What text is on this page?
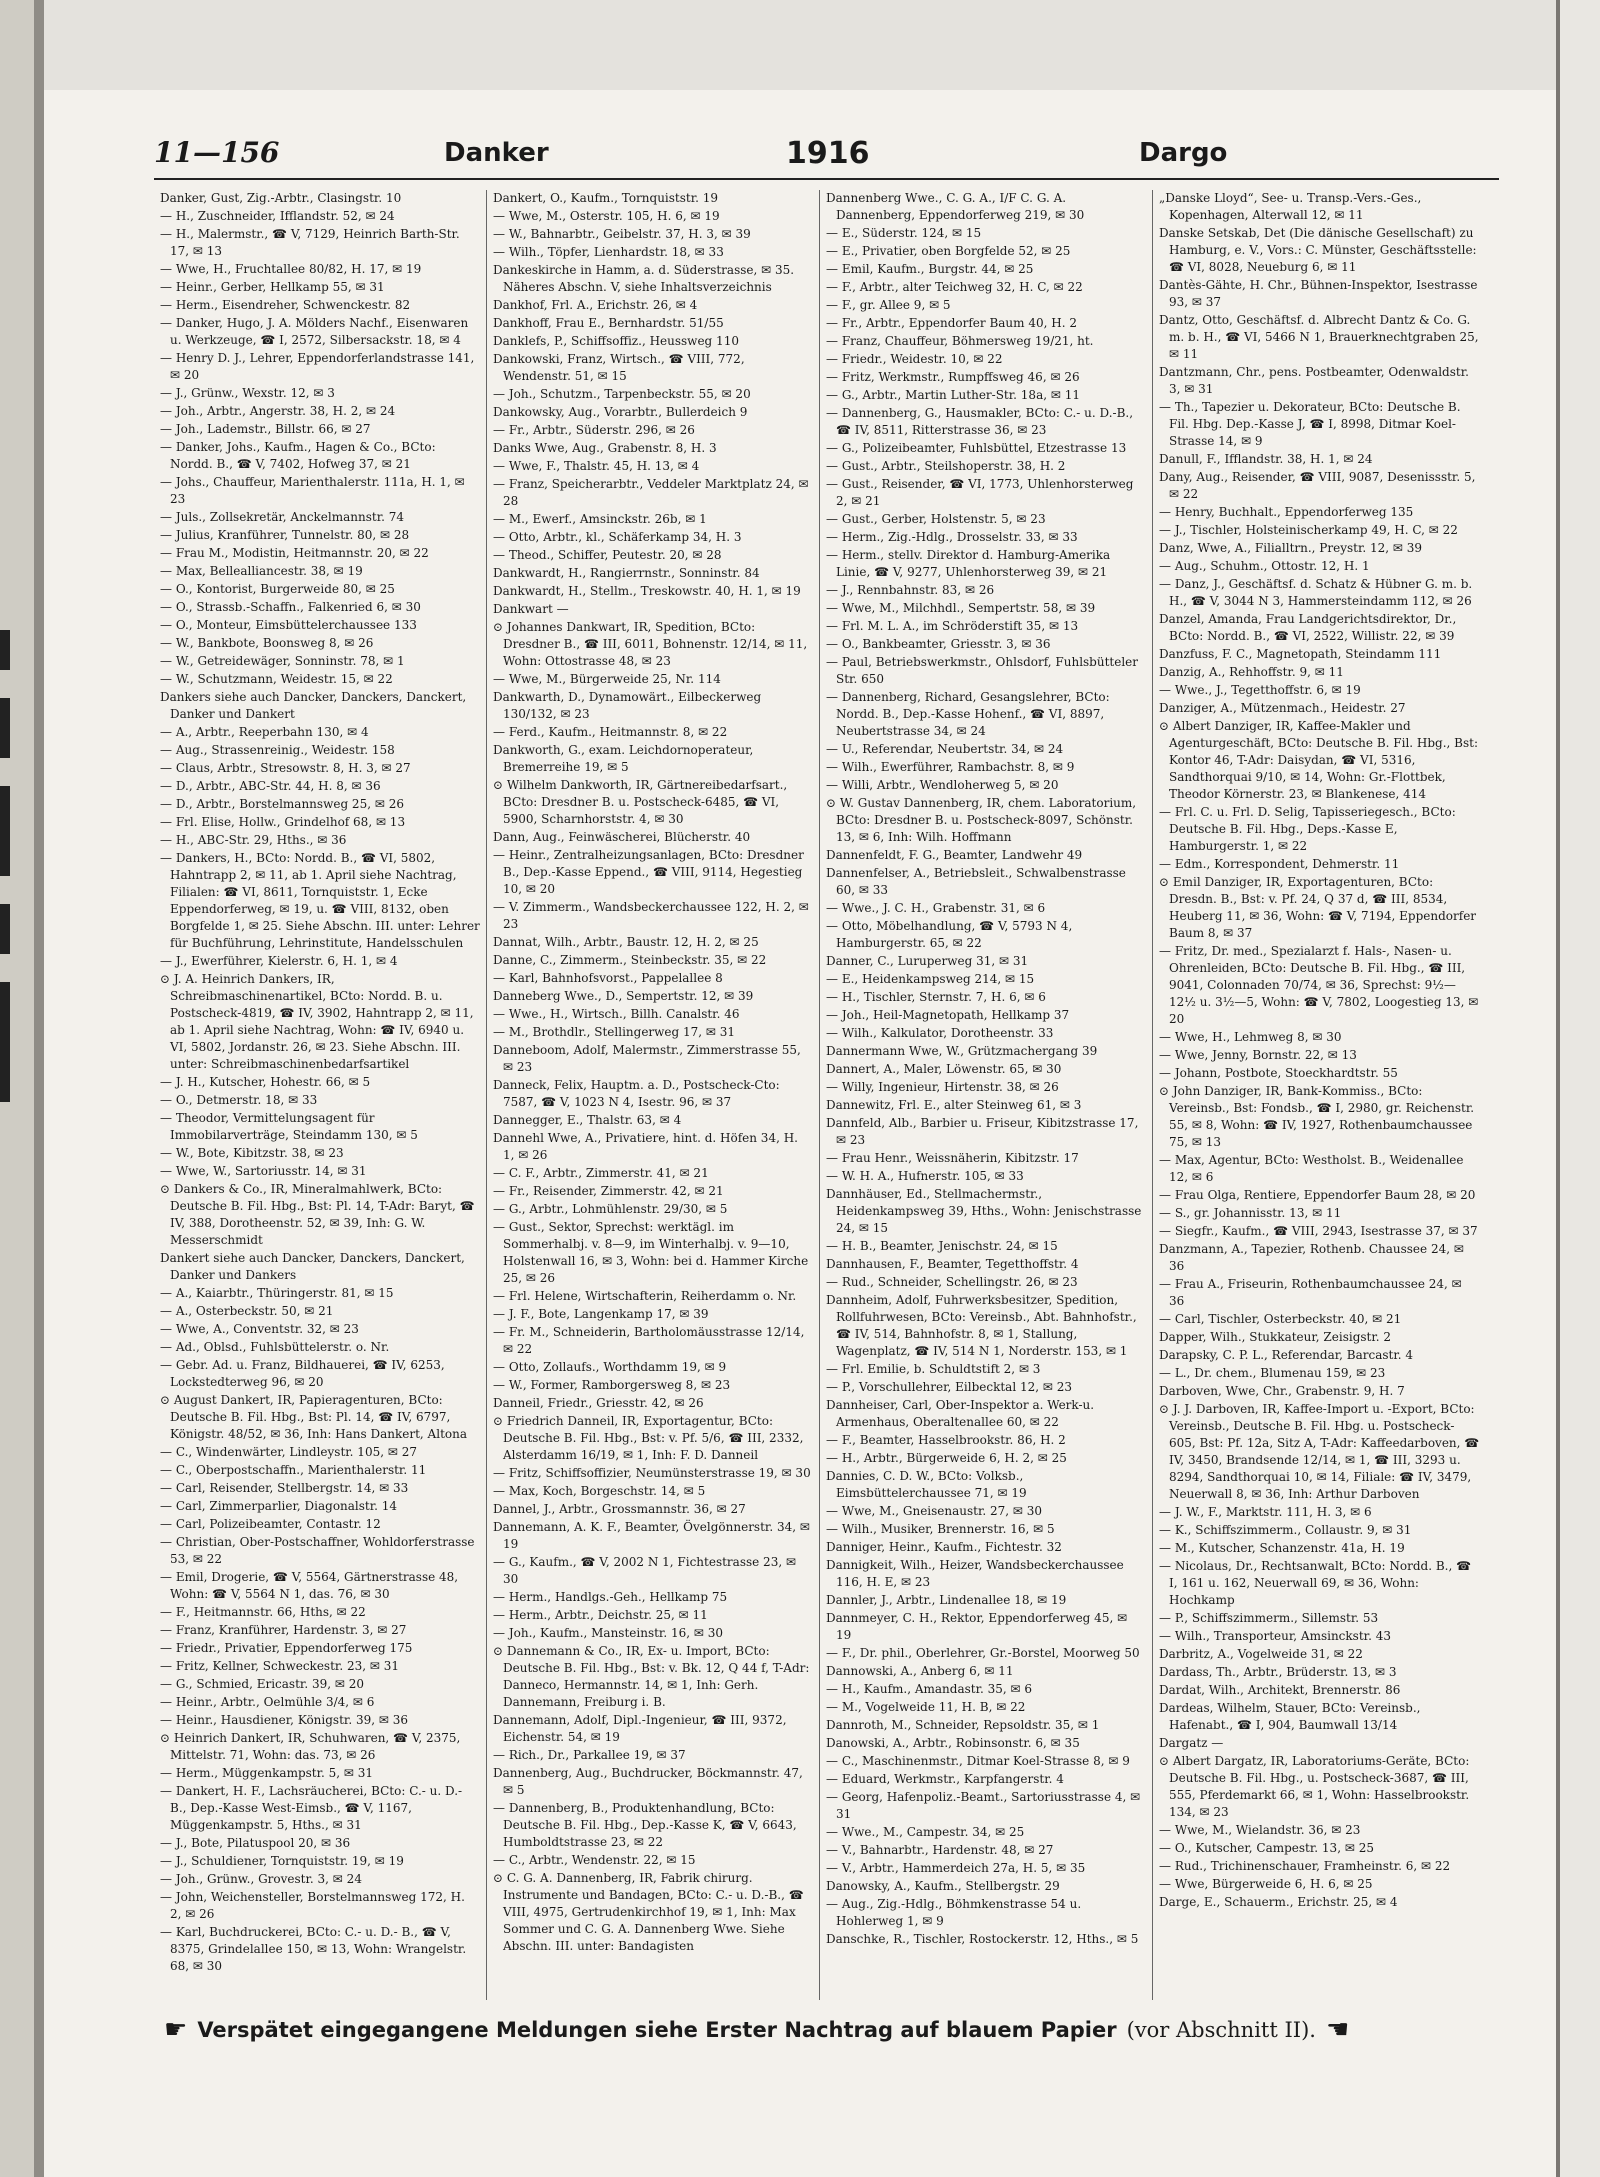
11—156	Danker	1916	Dargo
Danker, Gust, Zig.-Arbtr., Clasingstr. 10
— H., Zuschneider, Ifflandstr. 52, ✉ 24
— H., Malermstr., ☎ V, 7129, Heinrich Barth-Str. 17, ✉ 13
— Wwe, H., Fruchtallee 80/82, H. 17, ✉ 19
— Heinr., Gerber, Hellkamp 55, ✉ 31
— Herm., Eisendreher, Schwenckestr. 82
— Danker, Hugo, J. A. Mölders Nachf., Eisenwaren u. Werkzeuge, ☎ I, 2572, Silbersackstr. 18, ✉ 4
— Henry D. J., Lehrer, Eppendorferlandstrasse 141, ✉ 20
— J., Grünw., Wexstr. 12, ✉ 3
— Joh., Arbtr., Angerstr. 38, H. 2, ✉ 24
— Joh., Lademstr., Billstr. 66, ✉ 27
— Danker, Johs., Kaufm., Hagen & Co., BCto: Nordd. B., ☎ V, 7402, Hofweg 37, ✉ 21
— Johs., Chauffeur, Marienthalerstr. 111a, H. 1, ✉ 23
— Juls., Zollsekretär, Anckelmannstr. 74
— Julius, Kranführer, Tunnelstr. 80, ✉ 28
— Frau M., Modistin, Heitmannstr. 20, ✉ 22
— Max, Bellealliancestr. 38, ✉ 19
— O., Kontorist, Burgerweide 80, ✉ 25
— O., Strassb.-Schaffn., Falkenried 6, ✉ 30
— O., Monteur, Eimsbüttelerchaussee 133
— W., Bankbote, Boonsweg 8, ✉ 26
— W., Getreidewäger, Sonninstr. 78, ✉ 1
— W., Schutzmann, Weidestr. 15, ✉ 22
Dankers siehe auch Dancker, Danckers, Danckert, Danker und Dankert
— A., Arbtr., Reeperbahn 130, ✉ 4
— Aug., Strassenreinig., Weidestr. 158
— Claus, Arbtr., Stresowstr. 8, H. 3, ✉ 27
— D., Arbtr., ABC-Str. 44, H. 8, ✉ 36
— D., Arbtr., Borstelmannsweg 25, ✉ 26
— Frl. Elise, Hollw., Grindelhof 68, ✉ 13
— H., ABC-Str. 29, Hths., ✉ 36
— Dankers, H., BCto: Nordd. B., ☎ VI, 5802, Hahntrapp 2, ✉ 11, ab 1. April siehe Nachtrag, Filialen: ☎ VI, 8611, Tornquiststr. 1, Ecke Eppendorferweg, ✉ 19, u. ☎ VIII, 8132, oben Borgfelde 1, ✉ 25. Siehe Abschn. III. unter: Lehrer für Buchführung, Lehrinstitute, Handelsschulen
— J., Ewerführer, Kielerstr. 6, H. 1, ✉ 4
⊙ J. A. Heinrich Dankers, IR, Schreibmaschinenartikel, BCto: Nordd. B. u. Postscheck-4819, ☎ IV, 3902, Hahntrapp 2, ✉ 11, ab 1. April siehe Nachtrag, Wohn: ☎ IV, 6940 u. VI, 5802, Jordanstr. 26, ✉ 23. Siehe Abschn. III. unter: Schreibmaschinenbedarfsartikel
— J. H., Kutscher, Hohestr. 66, ✉ 5
— O., Detmerstr. 18, ✉ 33
— Theodor, Vermittelungsagent für Immobilarverträge, Steindamm 130, ✉ 5
— W., Bote, Kibitzstr. 38, ✉ 23
— Wwe, W., Sartoriusstr. 14, ✉ 31
⊙ Dankers & Co., IR, Mineralmahlwerk, BCto: Deutsche B. Fil. Hbg., Bst: Pl. 14, T-Adr: Baryt, ☎ IV, 388, Dorotheenstr. 52, ✉ 39, Inh: G. W. Messerschmidt
Dankert siehe auch Dancker, Danckers, Danckert, Danker und Dankers
— A., Kaiarbtr., Thüringerstr. 81, ✉ 15
— A., Osterbeckstr. 50, ✉ 21
— Wwe, A., Conventstr. 32, ✉ 23
— Ad., Oblsd., Fuhlsbüttelerstr. o. Nr.
— Gebr. Ad. u. Franz, Bildhauerei, ☎ IV, 6253, Lockstedterweg 96, ✉ 20
⊙ August Dankert, IR, Papieragenturen, BCto: Deutsche B. Fil. Hbg., Bst: Pl. 14, ☎ IV, 6797, Königstr. 48/52, ✉ 36, Inh: Hans Dankert, Altona
— C., Windenwärter, Lindleystr. 105, ✉ 27
— C., Oberpostschaffn., Marienthalerstr. 11
— Carl, Reisender, Stellbergstr. 14, ✉ 33
— Carl, Zimmerparlier, Diagonalstr. 14
— Carl, Polizeibeamter, Contastr. 12
— Christian, Ober-Postschaffner, Wohldorferstrasse 53, ✉ 22
— Emil, Drogerie, ☎ V, 5564, Gärtnerstrasse 48, Wohn: ☎ V, 5564 N 1, das. 76, ✉ 30
— F., Heitmannstr. 66, Hths, ✉ 22
— Franz, Kranführer, Hardenstr. 3, ✉ 27
— Friedr., Privatier, Eppendorferweg 175
— Fritz, Kellner, Schweckestr. 23, ✉ 31
— G., Schmied, Ericastr. 39, ✉ 20
— Heinr., Arbtr., Oelmühle 3/4, ✉ 6
— Heinr., Hausdiener, Königstr. 39, ✉ 36
⊙ Heinrich Dankert, IR, Schuhwaren, ☎ V, 2375, Mittelstr. 71, Wohn: das. 73, ✉ 26
— Herm., Müggenkampstr. 5, ✉ 31
— Dankert, H. F., Lachsräucherei, BCto: C.- u. D.- B., Dep.-Kasse West-Eimsb., ☎ V, 1167, Müggenkampstr. 5, Hths., ✉ 31
— J., Bote, Pilatuspool 20, ✉ 36
— J., Schuldiener, Tornquiststr. 19, ✉ 19
— Joh., Grünw., Grovestr. 3, ✉ 24
— John, Weichensteller, Borstelmannsweg 172, H. 2, ✉ 26
— Karl, Buchdruckerei, BCto: C.- u. D.- B., ☎ V, 8375, Grindelallee 150, ✉ 13, Wohn: Wrangelstr. 68, ✉ 30
Dankert, O., Kaufm., Tornquiststr. 19
— Wwe, M., Osterstr. 105, H. 6, ✉ 19
— W., Bahnarbtr., Geibelstr. 37, H. 3, ✉ 39
— Wilh., Töpfer, Lienhardstr. 18, ✉ 33
Dankeskirche in Hamm, a. d. Süderstrasse, ✉ 35. Näheres Abschn. V, siehe Inhaltsverzeichnis
Dankhof, Frl. A., Erichstr. 26, ✉ 4
Dankhoff, Frau E., Bernhardstr. 51/55
Danklefs, P., Schiffsoffiz., Heussweg 110
Dankowski, Franz, Wirtsch., ☎ VIII, 772, Wendenstr. 51, ✉ 15
— Joh., Schutzm., Tarpenbeckstr. 55, ✉ 20
Dankowsky, Aug., Vorarbtr., Bullerdeich 9
— Fr., Arbtr., Süderstr. 296, ✉ 26
Danks Wwe, Aug., Grabenstr. 8, H. 3
— Wwe, F., Thalstr. 45, H. 13, ✉ 4
— Franz, Speicherarbtr., Veddeler Marktplatz 24, ✉ 28
— M., Ewerf., Amsinckstr. 26b, ✉ 1
— Otto, Arbtr., kl., Schäferkamp 34, H. 3
— Theod., Schiffer, Peutestr. 20, ✉ 28
Dankwardt, H., Rangierrnstr., Sonninstr. 84
Dankwardt, H., Stellm., Treskowstr. 40, H. 1, ✉ 19
Dankwart —
⊙ Johannes Dankwart, IR, Spedition, BCto: Dresdner B., ☎ III, 6011, Bohnenstr. 12/14, ✉ 11, Wohn: Ottostrasse 48, ✉ 23
— Wwe, M., Bürgerweide 25, Nr. 114
Dankwarth, D., Dynamowärt., Eilbeckerweg 130/132, ✉ 23
— Ferd., Kaufm., Heitmannstr. 8, ✉ 22
Dankworth, G., exam. Leichdornoperateur, Bremerreihe 19, ✉ 5
⊙ Wilhelm Dankworth, IR, Gärtnereibedarfsart., BCto: Dresdner B. u. Postscheck-6485, ☎ VI, 5900, Scharnhorststr. 4, ✉ 30
Dann, Aug., Feinwäscherei, Blücherstr. 40
— Heinr., Zentralheizungsanlagen, BCto: Dresdner B., Dep.-Kasse Eppend., ☎ VIII, 9114, Hegestieg 10, ✉ 20
— V. Zimmerm., Wandsbeckerchaussee 122, H. 2, ✉ 23
Dannat, Wilh., Arbtr., Baustr. 12, H. 2, ✉ 25
Danne, C., Zimmerm., Steinbeckstr. 35, ✉ 22
— Karl, Bahnhofsvorst., Pappelallee 8
Danneberg Wwe., D., Sempertstr. 12, ✉ 39
— Wwe., H., Wirtsch., Billh. Canalstr. 46
— M., Brothdlr., Stellingerweg 17, ✉ 31
Danneboom, Adolf, Malermstr., Zimmerstrasse 55, ✉ 23
Danneck, Felix, Hauptm. a. D., Postscheck-Cto: 7587, ☎ V, 1023 N 4, Isestr. 96, ✉ 37
Dannegger, E., Thalstr. 63, ✉ 4
Dannehl Wwe, A., Privatiere, hint. d. Höfen 34, H. 1, ✉ 26
— C. F., Arbtr., Zimmerstr. 41, ✉ 21
— Fr., Reisender, Zimmerstr. 42, ✉ 21
— G., Arbtr., Lohmühlenstr. 29/30, ✉ 5
— Gust., Sektor, Sprechst: werktägl. im Sommerhalbj. v. 8—9, im Winterhalbj. v. 9—10, Holstenwall 16, ✉ 3, Wohn: bei d. Hammer Kirche 25, ✉ 26
— Frl. Helene, Wirtschafterin, Reiherdamm o. Nr.
— J. F., Bote, Langenkamp 17, ✉ 39
— Fr. M., Schneiderin, Bartholomäusstrasse 12/14, ✉ 22
— Otto, Zollaufs., Worthdamm 19, ✉ 9
— W., Former, Ramborgersweg 8, ✉ 23
Danneil, Friedr., Griesstr. 42, ✉ 26
⊙ Friedrich Danneil, IR, Exportagentur, BCto: Deutsche B. Fil. Hbg., Bst: v. Pf. 5/6, ☎ III, 2332, Alsterdamm 16/19, ✉ 1, Inh: F. D. Danneil
— Fritz, Schiffsoffizier, Neumünsterstrasse 19, ✉ 30
— Max, Koch, Borgeschstr. 14, ✉ 5
Dannel, J., Arbtr., Grossmannstr. 36, ✉ 27
Dannemann, A. K. F., Beamter, Övelgönnerstr. 34, ✉ 19
— G., Kaufm., ☎ V, 2002 N 1, Fichtestrasse 23, ✉ 30
— Herm., Handlgs.-Geh., Hellkamp 75
— Herm., Arbtr., Deichstr. 25, ✉ 11
— Joh., Kaufm., Mansteinstr. 16, ✉ 30
⊙ Dannemann & Co., IR, Ex- u. Import, BCto: Deutsche B. Fil. Hbg., Bst: v. Bk. 12, Q 44 f, T-Adr: Danneco, Hermannstr. 14, ✉ 1, Inh: Gerh. Dannemann, Freiburg i. B.
Dannemann, Adolf, Dipl.-Ingenieur, ☎ III, 9372, Eichenstr. 54, ✉ 19
— Rich., Dr., Parkallee 19, ✉ 37
Dannenberg, Aug., Buchdrucker, Böckmannstr. 47, ✉ 5
— Dannenberg, B., Produktenhandlung, BCto: Deutsche B. Fil. Hbg., Dep.-Kasse K, ☎ V, 6643, Humboldtstrasse 23, ✉ 22
— C., Arbtr., Wendenstr. 22, ✉ 15
⊙ C. G. A. Dannenberg, IR, Fabrik chirurg. Instrumente und Bandagen, BCto: C.- u. D.-B., ☎ VIII, 4975, Gertrudenkirchhof 19, ✉ 1, Inh: Max Sommer und C. G. A. Dannenberg Wwe. Siehe Abschn. III. unter: Bandagisten
Dannenberg Wwe., C. G. A., I/F C. G. A. Dannenberg, Eppendorferweg 219, ✉ 30
— E., Süderstr. 124, ✉ 15
— E., Privatier, oben Borgfelde 52, ✉ 25
— Emil, Kaufm., Burgstr. 44, ✉ 25
— F., Arbtr., alter Teichweg 32, H. C, ✉ 22
— F., gr. Allee 9, ✉ 5
— Fr., Arbtr., Eppendorfer Baum 40, H. 2
— Franz, Chauffeur, Böhmersweg 19/21, ht.
— Friedr., Weidestr. 10, ✉ 22
— Fritz, Werkmstr., Rumpffsweg 46, ✉ 26
— G., Arbtr., Martin Luther-Str. 18a, ✉ 11
— Dannenberg, G., Hausmakler, BCto: C.- u. D.-B., ☎ IV, 8511, Ritterstrasse 36, ✉ 23
— G., Polizeibeamter, Fuhlsbüttel, Etzestrasse 13
— Gust., Arbtr., Steilshoperstr. 38, H. 2
— Gust., Reisender, ☎ VI, 1773, Uhlenhorsterweg 2, ✉ 21
— Gust., Gerber, Holstenstr. 5, ✉ 23
— Herm., Zig.-Hdlg., Drosselstr. 33, ✉ 33
— Herm., stellv. Direktor d. Hamburg-Amerika Linie, ☎ V, 9277, Uhlenhorsterweg 39, ✉ 21
— J., Rennbahnstr. 83, ✉ 26
— Wwe, M., Milchhdl., Sempertstr. 58, ✉ 39
— Frl. M. L. A., im Schröderstift 35, ✉ 13
— O., Bankbeamter, Griesstr. 3, ✉ 36
— Paul, Betriebswerkmstr., Ohlsdorf, Fuhlsbütteler Str. 650
— Dannenberg, Richard, Gesangslehrer, BCto: Nordd. B., Dep.-Kasse Hohenf., ☎ VI, 8897, Neubertstrasse 34, ✉ 24
— U., Referendar, Neubertstr. 34, ✉ 24
— Wilh., Ewerführer, Rambachstr. 8, ✉ 9
— Willi, Arbtr., Wendloherweg 5, ✉ 20
⊙ W. Gustav Dannenberg, IR, chem. Laboratorium, BCto: Dresdner B. u. Postscheck-8097, Schönstr. 13, ✉ 6, Inh: Wilh. Hoffmann
Dannenfeldt, F. G., Beamter, Landwehr 49
Dannenfelser, A., Betriebsleit., Schwalbenstrasse 60, ✉ 33
— Wwe., J. C. H., Grabenstr. 31, ✉ 6
— Otto, Möbelhandlung, ☎ V, 5793 N 4, Hamburgerstr. 65, ✉ 22
Danner, C., Luruperweg 31, ✉ 31
— E., Heidenkampsweg 214, ✉ 15
— H., Tischler, Sternstr. 7, H. 6, ✉ 6
— Joh., Heil-Magnetopath, Hellkamp 37
— Wilh., Kalkulator, Dorotheenstr. 33
Dannermann Wwe, W., Grützmachergang 39
Dannert, A., Maler, Löwenstr. 65, ✉ 30
— Willy, Ingenieur, Hirtenstr. 38, ✉ 26
Dannewitz, Frl. E., alter Steinweg 61, ✉ 3
Dannfeld, Alb., Barbier u. Friseur, Kibitzstrasse 17, ✉ 23
— Frau Henr., Weissnäherin, Kibitzstr. 17
— W. H. A., Hufnerstr. 105, ✉ 33
Dannhäuser, Ed., Stellmachermstr., Heidenkampsweg 39, Hths., Wohn: Jenischstrasse 24, ✉ 15
— H. B., Beamter, Jenischstr. 24, ✉ 15
Dannhausen, F., Beamter, Tegetthoffstr. 4
— Rud., Schneider, Schellingstr. 26, ✉ 23
Dannheim, Adolf, Fuhrwerksbesitzer, Spedition, Rollfuhrwesen, BCto: Vereinsb., Abt. Bahnhofstr., ☎ IV, 514, Bahnhofstr. 8, ✉ 1, Stallung, Wagenplatz, ☎ IV, 514 N 1, Norderstr. 153, ✉ 1
— Frl. Emilie, b. Schuldtstift 2, ✉ 3
— P., Vorschullehrer, Eilbecktal 12, ✉ 23
Dannheiser, Carl, Ober-Inspektor a. Werk-u. Armenhaus, Oberaltenallee 60, ✉ 22
— F., Beamter, Hasselbrookstr. 86, H. 2
— H., Arbtr., Bürgerweide 6, H. 2, ✉ 25
Dannies, C. D. W., BCto: Volksb., Eimsbüttelerchaussee 71, ✉ 19
— Wwe, M., Gneisenaustr. 27, ✉ 30
— Wilh., Musiker, Brennerstr. 16, ✉ 5
Danniger, Heinr., Kaufm., Fichtestr. 32
Dannigkeit, Wilh., Heizer, Wandsbeckerchaussee 116, H. E, ✉ 23
Dannler, J., Arbtr., Lindenallee 18, ✉ 19
Dannmeyer, C. H., Rektor, Eppendorferweg 45, ✉ 19
— F., Dr. phil., Oberlehrer, Gr.-Borstel, Moorweg 50
Dannowski, A., Anberg 6, ✉ 11
— H., Kaufm., Amandastr. 35, ✉ 6
— M., Vogelweide 11, H. B, ✉ 22
Dannroth, M., Schneider, Repsoldstr. 35, ✉ 1
Danowski, A., Arbtr., Robinsonstr. 6, ✉ 35
— C., Maschinenmstr., Ditmar Koel-Strasse 8, ✉ 9
— Eduard, Werkmstr., Karpfangerstr. 4
— Georg, Hafenpoliz.-Beamt., Sartoriusstrasse 4, ✉ 31
— Wwe., M., Campestr. 34, ✉ 25
— V., Bahnarbtr., Hardenstr. 48, ✉ 27
— V., Arbtr., Hammerdeich 27a, H. 5, ✉ 35
Danowsky, A., Kaufm., Stellbergstr. 29
— Aug., Zig.-Hdlg., Böhmkenstrasse 54 u. Hohlerweg 1, ✉ 9
Danschke, R., Tischler, Rostockerstr. 12, Hths., ✉ 5
„Danske Lloyd“, See- u. Transp.-Vers.-Ges., Kopenhagen, Alterwall 12, ✉ 11
Danske Setskab, Det (Die dänische Gesellschaft) zu Hamburg, e. V., Vors.: C. Münster, Geschäftsstelle: ☎ VI, 8028, Neueburg 6, ✉ 11
Dantès-Gähte, H. Chr., Bühnen-Inspektor, Isestrasse 93, ✉ 37
Dantz, Otto, Geschäftsf. d. Albrecht Dantz & Co. G. m. b. H., ☎ VI, 5466 N 1, Brauerknechtgraben 25, ✉ 11
Dantzmann, Chr., pens. Postbeamter, Odenwaldstr. 3, ✉ 31
— Th., Tapezier u. Dekorateur, BCto: Deutsche B. Fil. Hbg. Dep.-Kasse J, ☎ I, 8998, Ditmar Koel-Strasse 14, ✉ 9
Danull, F., Ifflandstr. 38, H. 1, ✉ 24
Dany, Aug., Reisender, ☎ VIII, 9087, Desenissstr. 5, ✉ 22
— Henry, Buchhalt., Eppendorferweg 135
— J., Tischler, Holsteinischerkamp 49, H. C, ✉ 22
Danz, Wwe, A., Filialltrn., Preystr. 12, ✉ 39
— Aug., Schuhm., Ottostr. 12, H. 1
— Danz, J., Geschäftsf. d. Schatz & Hübner G. m. b. H., ☎ V, 3044 N 3, Hammersteindamm 112, ✉ 26
Danzel, Amanda, Frau Landgerichtsdirektor, Dr., BCto: Nordd. B., ☎ VI, 2522, Willistr. 22, ✉ 39
Danzfuss, F. C., Magnetopath, Steindamm 111
Danzig, A., Rehhoffstr. 9, ✉ 11
— Wwe., J., Tegetthoffstr. 6, ✉ 19
Danziger, A., Mützenmach., Heidestr. 27
⊙ Albert Danziger, IR, Kaffee-Makler und Agenturgeschäft, BCto: Deutsche B. Fil. Hbg., Bst: Kontor 46, T-Adr: Daisydan, ☎ VI, 5316, Sandthorquai 9/10, ✉ 14, Wohn: Gr.-Flottbek, Theodor Körnerstr. 23, ✉ Blankenese, 414
— Frl. C. u. Frl. D. Selig, Tapisseriegesch., BCto: Deutsche B. Fil. Hbg., Deps.-Kasse E, Hamburgerstr. 1, ✉ 22
— Edm., Korrespondent, Dehmerstr. 11
⊙ Emil Danziger, IR, Exportagenturen, BCto: Dresdn. B., Bst: v. Pf. 24, Q 37 d, ☎ III, 8534, Heuberg 11, ✉ 36, Wohn: ☎ V, 7194, Eppendorfer Baum 8, ✉ 37
— Fritz, Dr. med., Spezialarzt f. Hals-, Nasen- u. Ohrenleiden, BCto: Deutsche B. Fil. Hbg., ☎ III, 9041, Colonnaden 70/74, ✉ 36, Sprechst: 9½—12½ u. 3½—5, Wohn: ☎ V, 7802, Loogestieg 13, ✉ 20
— Wwe, H., Lehmweg 8, ✉ 30
— Wwe, Jenny, Bornstr. 22, ✉ 13
— Johann, Postbote, Stoeckhardtstr. 55
⊙ John Danziger, IR, Bank-Kommiss., BCto: Vereinsb., Bst: Fondsb., ☎ I, 2980, gr. Reichenstr. 55, ✉ 8, Wohn: ☎ IV, 1927, Rothenbaumchaussee 75, ✉ 13
— Max, Agentur, BCto: Westholst. B., Weidenallee 12, ✉ 6
— Frau Olga, Rentiere, Eppendorfer Baum 28, ✉ 20
— S., gr. Johannisstr. 13, ✉ 11
— Siegfr., Kaufm., ☎ VIII, 2943, Isestrasse 37, ✉ 37
Danzmann, A., Tapezier, Rothenb. Chaussee 24, ✉ 36
— Frau A., Friseurin, Rothenbaumchaussee 24, ✉ 36
— Carl, Tischler, Osterbeckstr. 40, ✉ 21
Dapper, Wilh., Stukkateur, Zeisigstr. 2
Darapsky, C. P. L., Referendar, Barcastr. 4
— L., Dr. chem., Blumenau 159, ✉ 23
Darboven, Wwe, Chr., Grabenstr. 9, H. 7
⊙ J. J. Darboven, IR, Kaffee-Import u. -Export, BCto: Vereinsb., Deutsche B. Fil. Hbg. u. Postscheck-605, Bst: Pf. 12a, Sitz A, T-Adr: Kaffeedarboven, ☎ IV, 3450, Brandsende 12/14, ✉ 1, ☎ III, 3293 u. 8294, Sandthorquai 10, ✉ 14, Filiale: ☎ IV, 3479, Neuerwall 8, ✉ 36, Inh: Arthur Darboven
— J. W., F., Marktstr. 111, H. 3, ✉ 6
— K., Schiffszimmerm., Collaustr. 9, ✉ 31
— M., Kutscher, Schanzenstr. 41a, H. 19
— Nicolaus, Dr., Rechtsanwalt, BCto: Nordd. B., ☎ I, 161 u. 162, Neuerwall 69, ✉ 36, Wohn: Hochkamp
— P., Schiffszimmerm., Sillemstr. 53
— Wilh., Transporteur, Amsinckstr. 43
Darbritz, A., Vogelweide 31, ✉ 22
Dardass, Th., Arbtr., Brüderstr. 13, ✉ 3
Dardat, Wilh., Architekt, Brennerstr. 86
Dardeas, Wilhelm, Stauer, BCto: Vereinsb., Hafenabt., ☎ I, 904, Baumwall 13/14
Dargatz —
⊙ Albert Dargatz, IR, Laboratoriums-Geräte, BCto: Deutsche B. Fil. Hbg., u. Postscheck-3687, ☎ III, 555, Pferdemarkt 66, ✉ 1, Wohn: Hasselbrookstr. 134, ✉ 23
— Wwe, M., Wielandstr. 36, ✉ 23
— O., Kutscher, Campestr. 13, ✉ 25
— Rud., Trichinenschauer, Framheinstr. 6, ✉ 22
— Wwe, Bürgerweide 6, H. 6, ✉ 25
Darge, E., Schauerm., Erichstr. 25, ✉ 4
☛ Verspätet eingegangene Meldungen siehe Erster Nachtrag auf blauem Papier (vor Abschnitt II). ☚
